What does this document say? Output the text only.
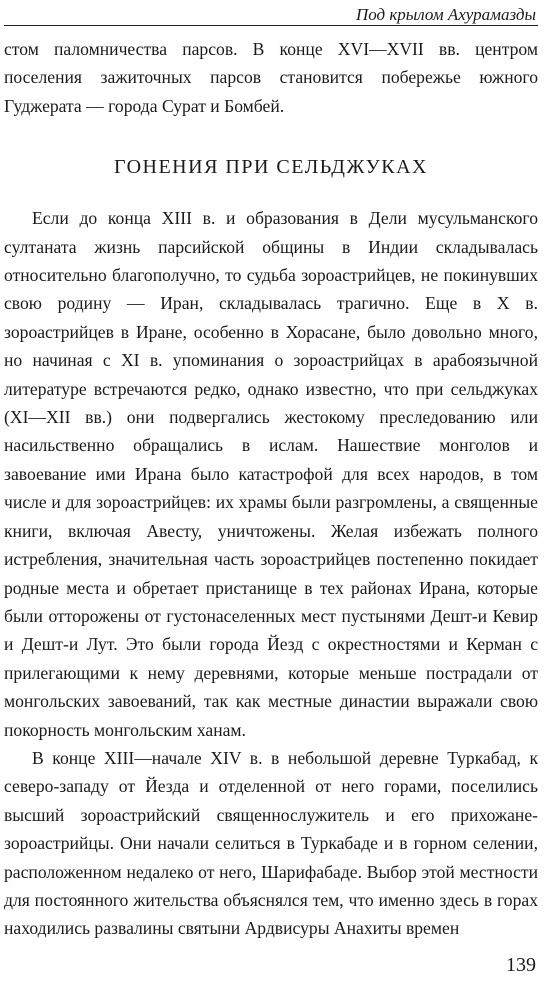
Под крылом Ахурамазды

стом паломничества парсов. В конце XVI—XVII вв. центром поселения зажиточных парсов становится побережье южного Гуджерата — города Сурат и Бомбей.

ГОНЕНИЯ ПРИ СЕЛЬДЖУКАХ

Если до конца XIII в. и образования в Дели мусульманского султаната жизнь парсийской общины в Индии складывалась относительно благополучно, то судьба зороастрийцев, не покинувших свою родину — Иран, складывалась трагично. Еще в X в. зороастрийцев в Иране, особенно в Хорасане, было довольно много, но начиная с XI в. упоминания о зороастрийцах в арабоязычной литературе встречаются редко, однако известно, что при сельджуках (XI—XII вв.) они подвергались жестокому преследованию или насильственно обращались в ислам. Нашествие монголов и завоевание ими Ирана было катастрофой для всех народов, в том числе и для зороастрийцев: их храмы были разгромлены, а священные книги, включая Авесту, уничтожены. Желая избежать полного истребления, значительная часть зороастрийцев постепенно покидает родные места и обретает пристанище в тех районах Ирана, которые были отторожены от густонаселенных мест пустынями Дешт-и Кевир и Дешт-и Лут. Это были города Йезд с окрестностями и Керман с прилегающими к нему деревнями, которые меньше пострадали от монгольских завоеваний, так как местные династии выражали свою покорность монгольским ханам.

В конце XIII—начале XIV в. в небольшой деревне Туркабад, к северо-западу от Йезда и отделенной от него горами, поселились высший зороастрийский священнослужитель и его прихожане-зороастрийцы. Они начали селиться в Туркабаде и в горном селении, расположенном недалеко от него, Шарифабаде. Выбор этой местности для постоянного жительства объяснялся тем, что именно здесь в горах находились развалины святыни Ардвисуры Анахиты времен

139
